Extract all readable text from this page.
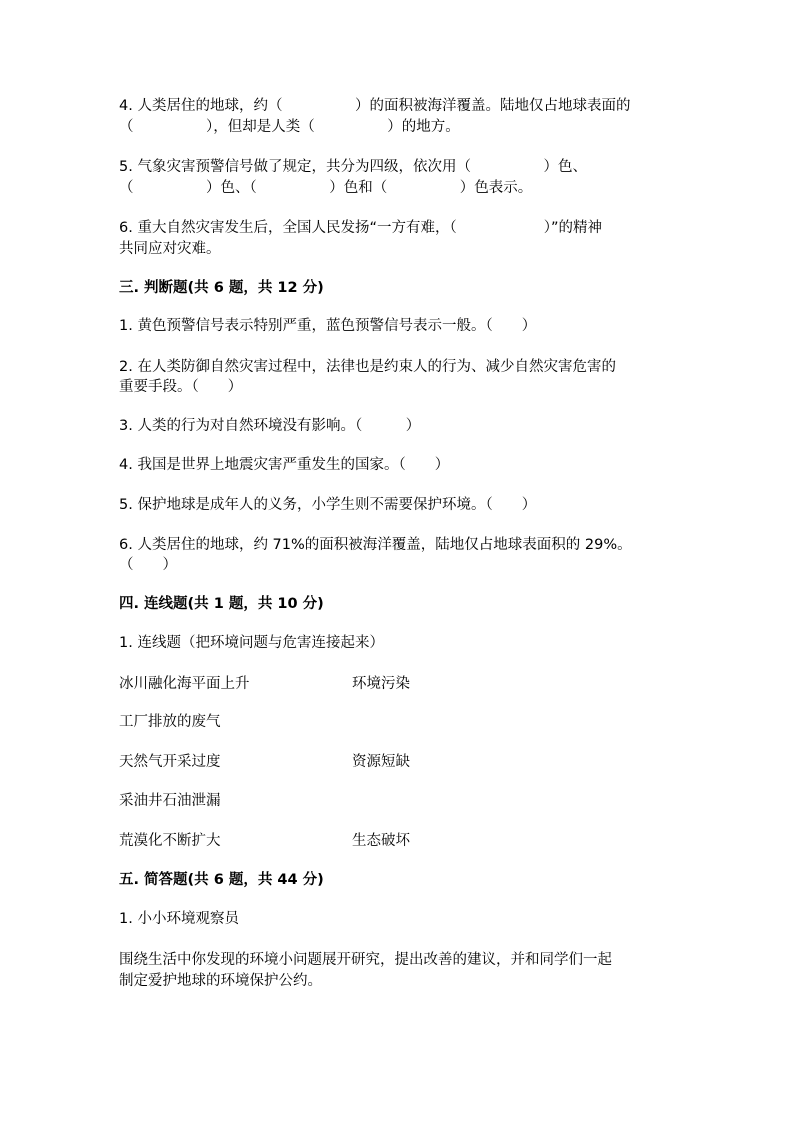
4. 人类居住的地球，约（　　　　　）的面积被海洋覆盖。陆地仅占地球表面的
（　　　　　），但却是人类（　　　　　）的地方。
5. 气象灾害预警信号做了规定，共分为四级，依次用（　　　　　）色、
（　　　　　）色、（　　　　　）色和（　　　　　）色表示。
6. 重大自然灾害发生后，全国人民发扬“一方有难，（　　　　　　）”的精神
共同应对灾难。
三. 判断题(共 6 题，共 12 分)
1. 黄色预警信号表示特别严重，蓝色预警信号表示一般。（　　）
2. 在人类防御自然灾害过程中，法律也是约束人的行为、减少自然灾害危害的
重要手段。（　　）
3. 人类的行为对自然环境没有影响。（　　　）
4. 我国是世界上地震灾害严重发生的国家。（　　）
5. 保护地球是成年人的义务，小学生则不需要保护环境。（　　）
6. 人类居住的地球，约 71%的面积被海洋覆盖，陆地仅占地球表面积的 29%。
（　　）
四. 连线题(共 1 题，共 10 分)
1. 连线题（把环境问题与危害连接起来）
冰川融化海平面上升	环境污染
工厂排放的废气
天然气开采过度	资源短缺
采油井石油泄漏
荒漠化不断扩大	生态破坏
五. 简答题(共 6 题，共 44 分)
1. 小小环境观察员
围绕生活中你发现的环境小问题展开研究，提出改善的建议，并和同学们一起
制定爱护地球的环境保护公约。
